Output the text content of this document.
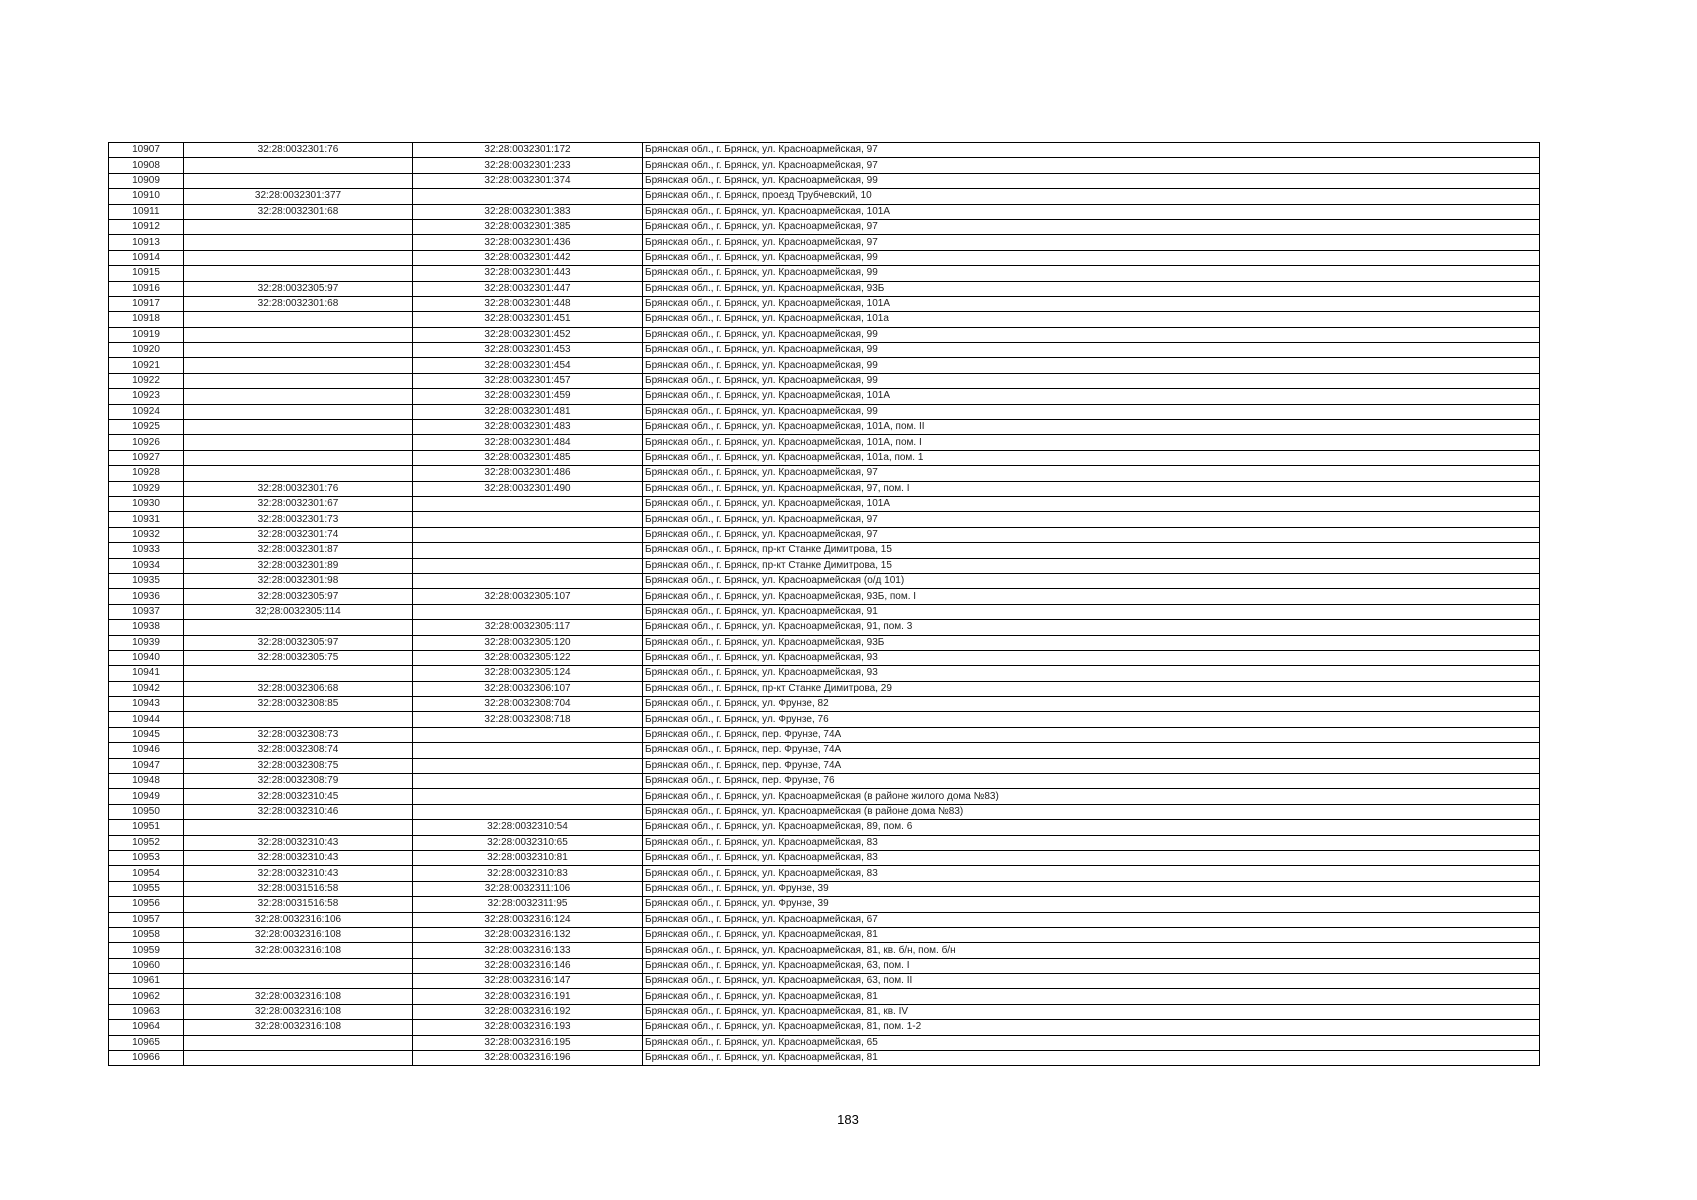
10907	32:28:0032301:76	32:28:0032301:172	Брянская обл., г. Брянск, ул. Красноармейская, 97
10908		32:28:0032301:233	Брянская обл., г. Брянск, ул. Красноармейская, 97
10909		32:28:0032301:374	Брянская обл., г. Брянск, ул. Красноармейская, 99
10910	32:28:0032301:377		Брянская обл., г. Брянск, проезд Трубчевский, 10
10911	32:28:0032301:68	32:28:0032301:383	Брянская обл., г. Брянск, ул. Красноармейская, 101А
10912		32:28:0032301:385	Брянская обл., г. Брянск, ул. Красноармейская, 97
10913		32:28:0032301:436	Брянская обл., г. Брянск, ул. Красноармейская, 97
10914		32:28:0032301:442	Брянская обл., г. Брянск, ул. Красноармейская, 99
10915		32:28:0032301:443	Брянская обл., г. Брянск, ул. Красноармейская, 99
10916	32:28:0032305:97	32:28:0032301:447	Брянская обл., г. Брянск, ул. Красноармейская, 93Б
10917	32:28:0032301:68	32:28:0032301:448	Брянская обл., г. Брянск, ул. Красноармейская, 101А
10918		32:28:0032301:451	Брянская обл., г. Брянск, ул. Красноармейская, 101а
10919		32:28:0032301:452	Брянская обл., г. Брянск, ул. Красноармейская, 99
10920		32:28:0032301:453	Брянская обл., г. Брянск, ул. Красноармейская, 99
10921		32:28:0032301:454	Брянская обл., г. Брянск, ул. Красноармейская, 99
10922		32:28:0032301:457	Брянская обл., г. Брянск, ул. Красноармейская, 99
10923		32:28:0032301:459	Брянская обл., г. Брянск, ул. Красноармейская, 101А
10924		32:28:0032301:481	Брянская обл., г. Брянск, ул. Красноармейская, 99
10925		32:28:0032301:483	Брянская обл., г. Брянск, ул. Красноармейская, 101А, пом. II
10926		32:28:0032301:484	Брянская обл., г. Брянск, ул. Красноармейская, 101А, пом. I
10927		32:28:0032301:485	Брянская обл., г. Брянск, ул. Красноармейская, 101а, пом. 1
10928		32:28:0032301:486	Брянская обл., г. Брянск, ул. Красноармейская, 97
10929	32:28:0032301:76	32:28:0032301:490	Брянская обл., г. Брянск, ул. Красноармейская, 97, пом. I
10930	32:28:0032301:67		Брянская обл., г. Брянск, ул. Красноармейская, 101А
10931	32:28:0032301:73		Брянская обл., г. Брянск, ул. Красноармейская, 97
10932	32:28:0032301:74		Брянская обл., г. Брянск, ул. Красноармейская, 97
10933	32:28:0032301:87		Брянская обл., г. Брянск, пр-кт Станке Димитрова, 15
10934	32:28:0032301:89		Брянская обл., г. Брянск, пр-кт Станке Димитрова, 15
10935	32:28:0032301:98		Брянская обл., г. Брянск, ул. Красноармейская (о/д 101)
10936	32:28:0032305:97	32:28:0032305:107	Брянская обл., г. Брянск, ул. Красноармейская, 93Б, пом. I
10937	32;28:0032305:114		Брянская обл., г. Брянск, ул. Красноармейская, 91
10938		32:28:0032305:117	Брянская обл., г. Брянск, ул. Красноармейская, 91, пом. 3
10939	32:28:0032305:97	32:28:0032305:120	Брянская обл., г. Брянск, ул. Красноармейская, 93Б
10940	32:28:0032305:75	32:28:0032305:122	Брянская обл., г. Брянск, ул. Красноармейская, 93
10941		32:28:0032305:124	Брянская обл., г. Брянск, ул. Красноармейская, 93
10942	32:28:0032306:68	32:28:0032306:107	Брянская обл., г. Брянск, пр-кт Станке Димитрова, 29
10943	32:28:0032308:85	32:28:0032308:704	Брянская обл., г. Брянск, ул. Фрунзе, 82
10944		32:28:0032308:718	Брянская обл., г. Брянск, ул. Фрунзе, 76
10945	32:28:0032308:73		Брянская обл., г. Брянск, пер. Фрунзе, 74А
10946	32:28:0032308:74		Брянская обл., г. Брянск, пер. Фрунзе, 74А
10947	32:28:0032308:75		Брянская обл., г. Брянск, пер. Фрунзе, 74А
10948	32:28:0032308:79		Брянская обл., г. Брянск, пер. Фрунзе, 76
10949	32:28:0032310:45		Брянская обл., г. Брянск, ул. Красноармейская (в районе жилого дома №83)
10950	32:28:0032310:46		Брянская обл., г. Брянск, ул. Красноармейская (в районе дома №83)
10951		32:28:0032310:54	Брянская обл., г. Брянск, ул. Красноармейская, 89, пом. 6
10952	32:28:0032310:43	32:28:0032310:65	Брянская обл., г. Брянск, ул. Красноармейская, 83
10953	32:28:0032310:43	32:28:0032310:81	Брянская обл., г. Брянск, ул. Красноармейская, 83
10954	32:28:0032310:43	32:28:0032310:83	Брянская обл., г. Брянск, ул. Красноармейская, 83
10955	32:28:0031516:58	32:28:0032311:106	Брянская обл., г. Брянск, ул. Фрунзе, 39
10956	32:28:0031516:58	32:28:0032311:95	Брянская обл., г. Брянск, ул. Фрунзе, 39
10957	32:28:0032316:106	32:28:0032316:124	Брянская обл., г. Брянск, ул. Красноармейская, 67
10958	32:28:0032316:108	32:28:0032316:132	Брянская обл., г. Брянск, ул. Красноармейская, 81
10959	32:28:0032316:108	32:28:0032316:133	Брянская обл., г. Брянск, ул. Красноармейская, 81, кв. б/н, пом. б/н
10960		32:28:0032316:146	Брянская обл., г. Брянск, ул. Красноармейская, 63, пом. I
10961		32:28:0032316:147	Брянская обл., г. Брянск, ул. Красноармейская, 63, пом. II
10962	32:28:0032316:108	32:28:0032316:191	Брянская обл., г. Брянск, ул. Красноармейская, 81
10963	32:28:0032316:108	32:28:0032316:192	Брянская обл., г. Брянск, ул. Красноармейская, 81, кв. IV
10964	32:28:0032316:108	32:28:0032316:193	Брянская обл., г. Брянск, ул. Красноармейская, 81, пом. 1-2
10965		32:28:0032316:195	Брянская обл., г. Брянск, ул. Красноармейская, 65
10966		32:28:0032316:196	Брянская обл., г. Брянск, ул. Красноармейская, 81
183
